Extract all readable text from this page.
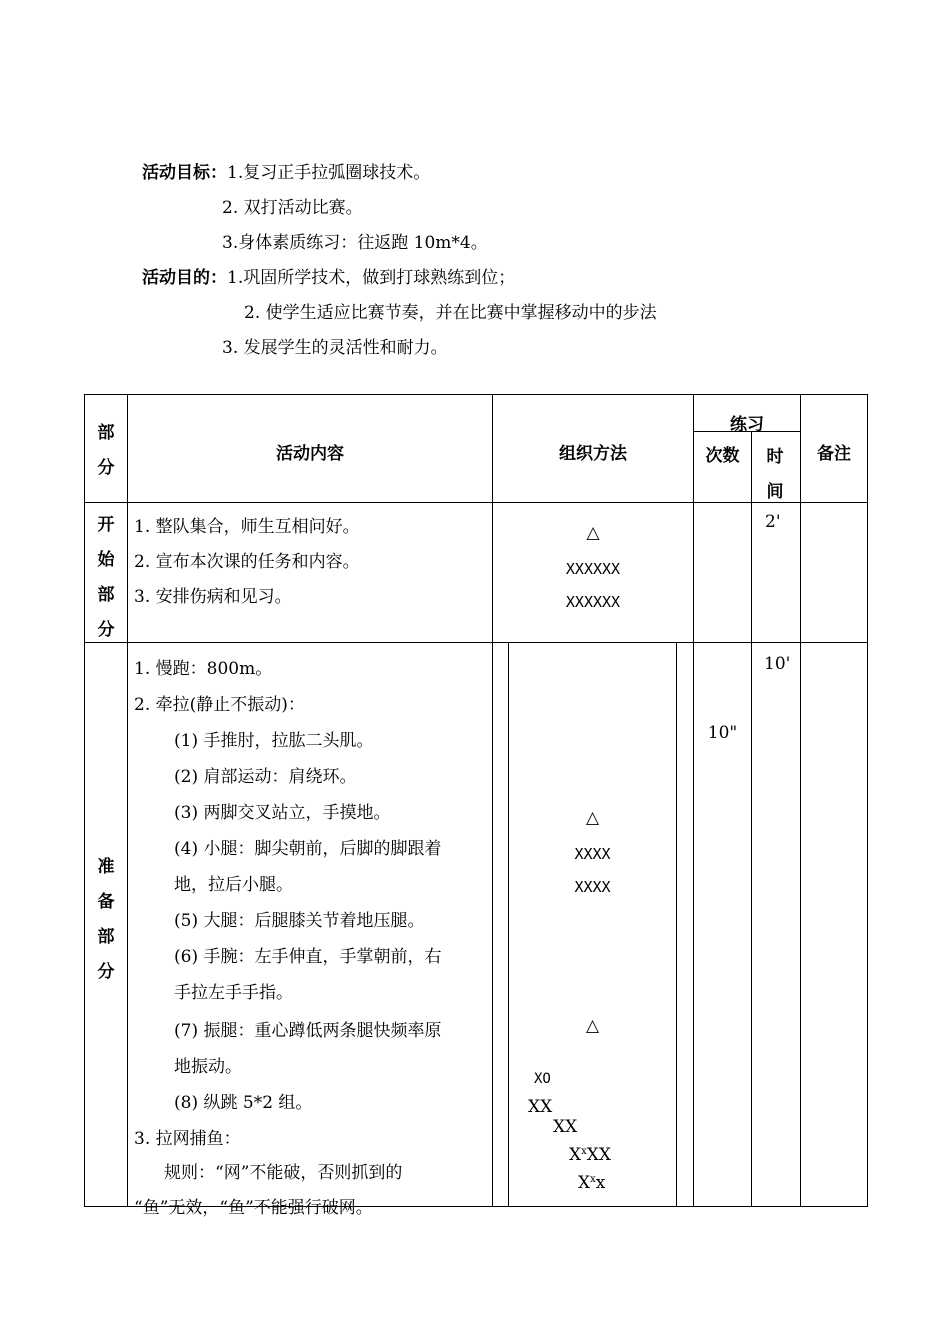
活动目标：1.复习正手拉弧圈球技术。
2. 双打活动比赛。
3.身体素质练习：往返跑 10m*4。
活动目的：1.巩固所学技术，做到打球熟练到位；
2. 使学生适应比赛节奏，并在比赛中掌握移动中的步法
3. 发展学生的灵活性和耐力。
部
分
活动内容	组织方法
练习
次数	时
间
备注
开
始
部
分
1. 整队集合，师生互相问好。
2. 宣布本次课的任务和内容。
3. 安排伤病和见习。
△
XXXXXX
XXXXXX
2'
准
备
部
分
1. 慢跑：800m。
2. 牵拉(静止不振动)：
(1) 手推肘，拉肱二头肌。
(2) 肩部运动：肩绕环。
(3) 两脚交叉站立，手摸地。
(4) 小腿：脚尖朝前，后脚的脚跟着
地，拉后小腿。
(5) 大腿：后腿膝关节着地压腿。
(6) 手腕：左手伸直，手掌朝前，右
手拉左手手指。
(7) 振腿：重心蹲低两条腿快频率原
地振动。
(8) 纵跳 5*2 组。
3. 拉网捕鱼：
规则：“网”不能破，否则抓到的
“鱼”无效，“鱼”不能强行破网。
△
XXXX
XXXX
△
XO
XX
XX
$X^xXX$
$X^xx$
10"
10'
